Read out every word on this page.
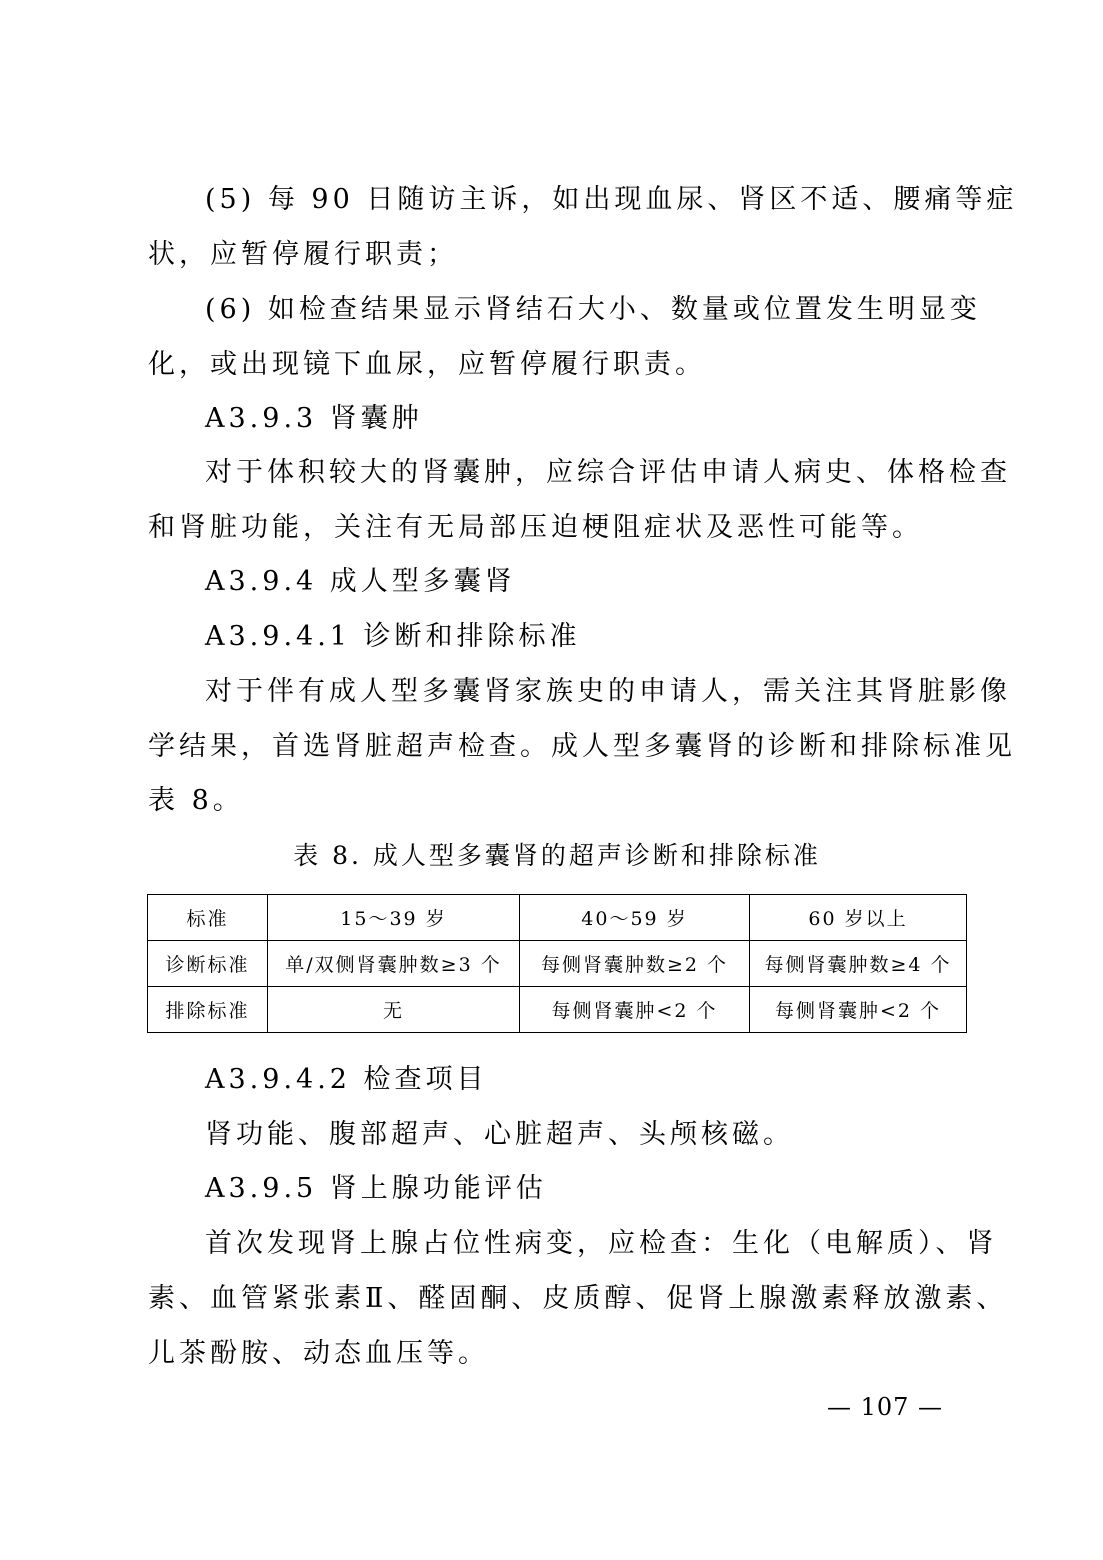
(5) 每 90 日随访主诉，如出现血尿、肾区不适、腰痛等症
状，应暂停履行职责；
(6) 如检查结果显示肾结石大小、数量或位置发生明显变
化，或出现镜下血尿，应暂停履行职责。
A3.9.3 肾囊肿
对于体积较大的肾囊肿，应综合评估申请人病史、体格检查
和肾脏功能，关注有无局部压迫梗阻症状及恶性可能等。
A3.9.4 成人型多囊肾
A3.9.4.1 诊断和排除标准
对于伴有成人型多囊肾家族史的申请人，需关注其肾脏影像
学结果，首选肾脏超声检查。成人型多囊肾的诊断和排除标准见
表 8。
表 8. 成人型多囊肾的超声诊断和排除标准
标准	15～39 岁	40～59 岁	60 岁以上
诊断标准	单/双侧肾囊肿数≥3 个	每侧肾囊肿数≥2 个	每侧肾囊肿数≥4 个
排除标准	无	每侧肾囊肿<2 个	每侧肾囊肿<2 个
A3.9.4.2 检查项目
肾功能、腹部超声、心脏超声、头颅核磁。
A3.9.5 肾上腺功能评估
首次发现肾上腺占位性病变，应检查：生化（电解质）、肾
素、血管紧张素Ⅱ、醛固酮、皮质醇、促肾上腺激素释放激素、
儿茶酚胺、动态血压等。
— 107 —
